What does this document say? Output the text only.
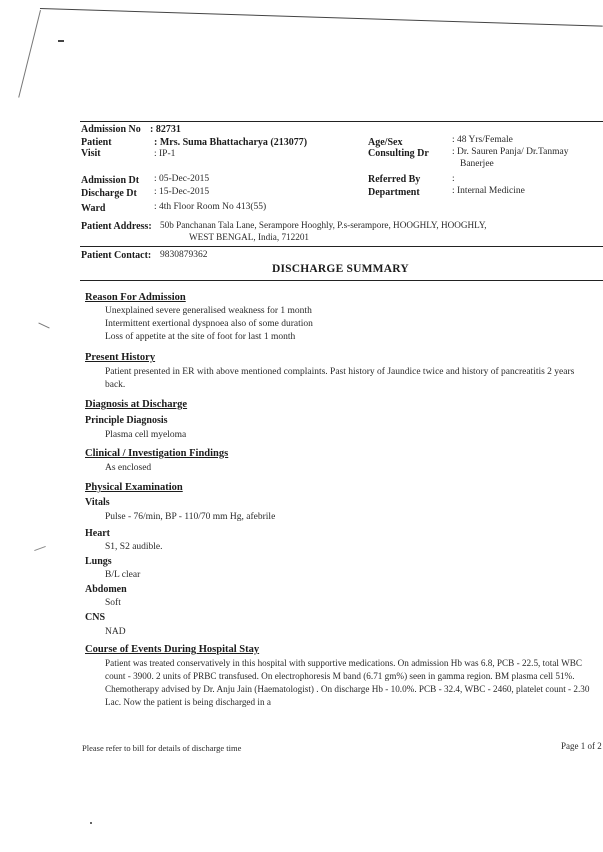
Admission No : 82731
Patient	: Mrs. Suma Bhattacharya (213077)
Visit	: IP-1
Age/Sex	: 48 Yrs/Female
Consulting Dr : Dr. Sauren Panja/ Dr.Tanmay
Banerjee
Admission Dt : 05-Dec-2015
Discharge Dt : 15-Dec-2015
Ward	: 4th Floor Room No 413(55)
Referred By	:
Department	: Internal Medicine
Patient Address: 50b Panchanan Tala Lane, Serampore Hooghly, P.s-serampore, HOOGHLY, HOOGHLY,
WEST BENGAL, India, 712201
Patient Contact: 9830879362
DISCHARGE SUMMARY
Reason For Admission
Unexplained severe generalised weakness for 1 month
Intermittent exertional dyspnoea also of some duration
Loss of appetite at the site of foot for last 1 month
Present History
Patient presented in ER with above mentioned complaints. Past history of Jaundice twice and history of pancreatitis 2 years back.
Diagnosis at Discharge
Principle Diagnosis
Plasma cell myeloma
Clinical / Investigation Findings
As enclosed
Physical Examination
Vitals
Pulse - 76/min, BP - 110/70 mm Hg, afebrile
Heart
S1, S2 audible.
Lungs
B/L clear
Abdomen
Soft
CNS
NAD
Course of Events During Hospital Stay
Patient was treated conservatively in this hospital with supportive medications. On admission Hb was 6.8, PCB - 22.5, total WBC count - 3900. 2 units of PRBC transfused. On electrophoresis M band (6.71 gm%) seen in gamma region. BM plasma cell 51%. Chemotherapy advised by Dr. Anju Jain (Haematologist) . On discharge Hb - 10.0%. PCB - 32.4, WBC - 2460, platelet count - 2.30 Lac. Now the patient is being discharged in a
Please refer to bill for details of discharge time	Page 1 of 2
